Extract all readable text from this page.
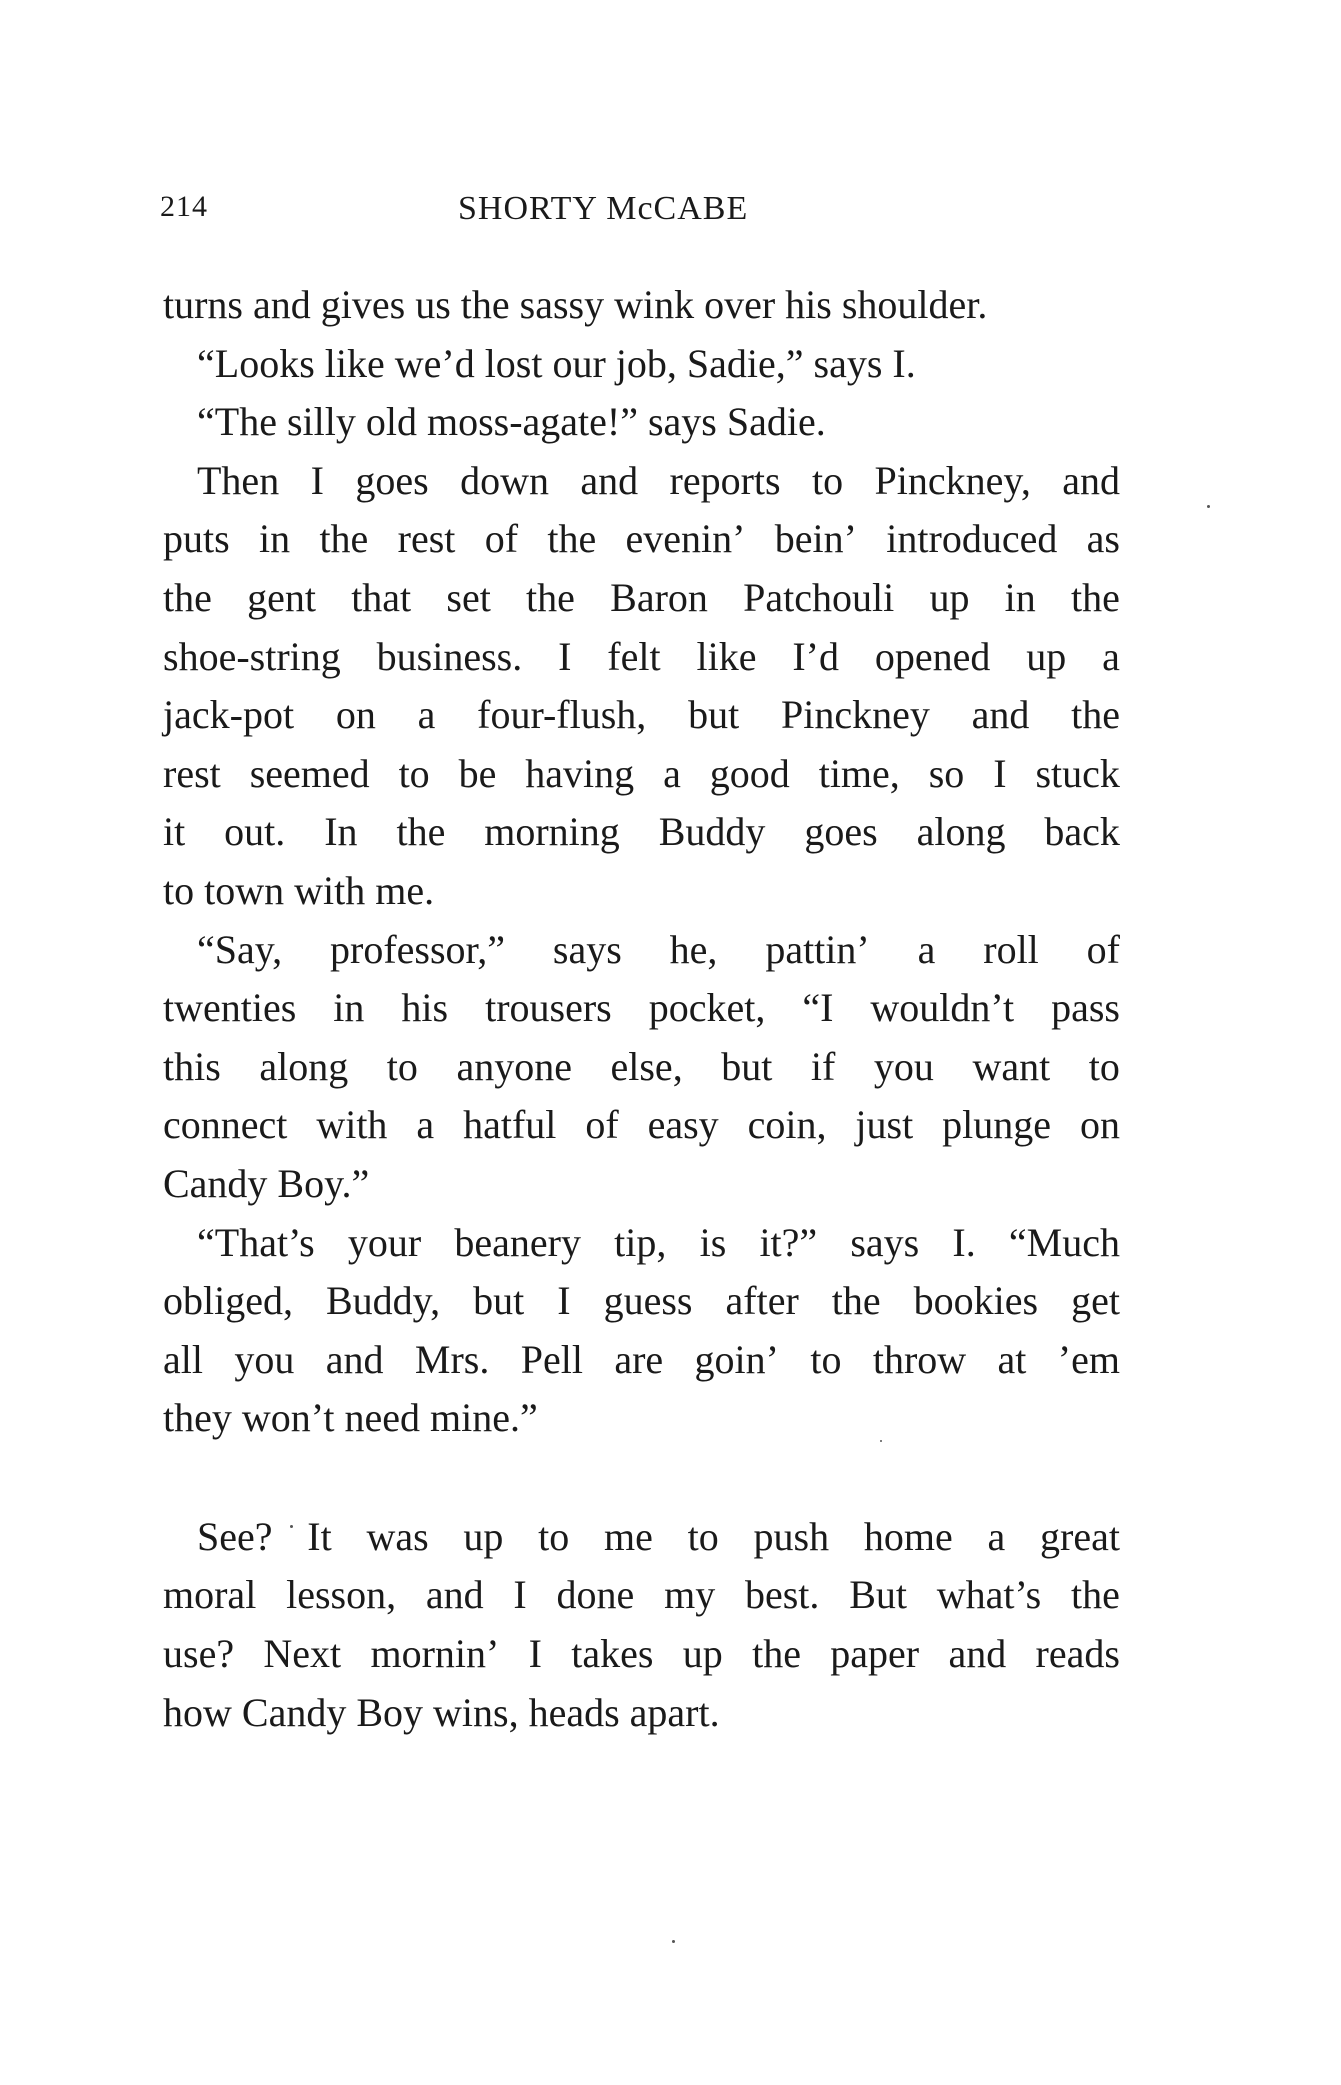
214	SHORTY McCABE
turns and gives us the sassy wink over his shoulder.
“Looks like we’d lost our job, Sadie,” says I.
“The silly old moss-agate!” says Sadie.
Then I goes down and reports to Pinckney, and
puts in the rest of the evenin’ bein’ introduced as
the gent that set the Baron Patchouli up in the
shoe-string business. I felt like I’d opened up a
jack-pot on a four-flush, but Pinckney and the
rest seemed to be having a good time, so I stuck
it out. In the morning Buddy goes along back
to town with me.
“Say, professor,” says he, pattin’ a roll of
twenties in his trousers pocket, “I wouldn’t pass
this along to anyone else, but if you want to
connect with a hatful of easy coin, just plunge on
Candy Boy.”
“That’s your beanery tip, is it?” says I. “Much
obliged, Buddy, but I guess after the bookies get
all you and Mrs. Pell are goin’ to throw at ’em
they won’t need mine.”
See? It was up to me to push home a great
moral lesson, and I done my best. But what’s the
use? Next mornin’ I takes up the paper and reads
how Candy Boy wins, heads apart.
